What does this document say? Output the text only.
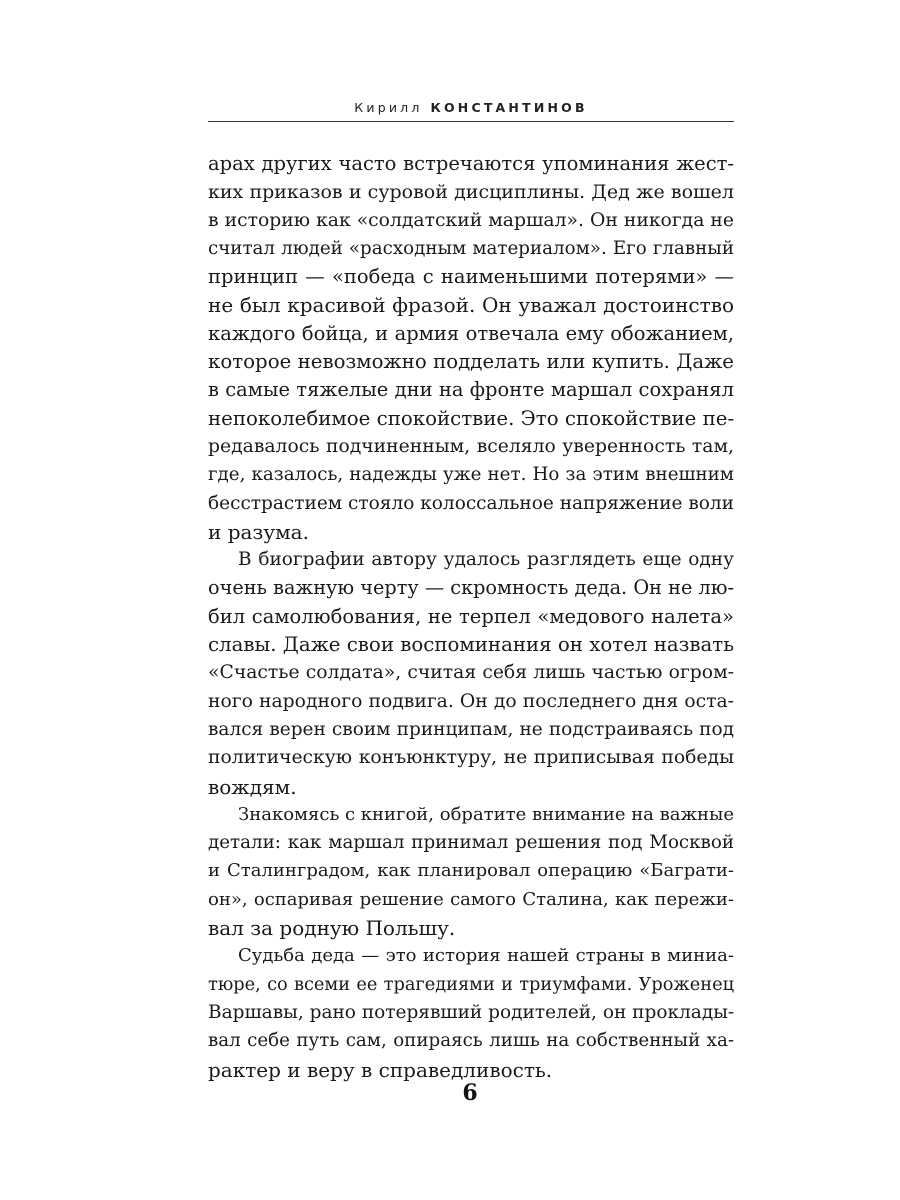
Кирилл КОНСТАНТИНОВ
арах других часто встречаются упоминания жест-
ких приказов и суровой дисциплины. Дед же вошел
в историю как «солдатский маршал». Он никогда не
считал людей «расходным материалом». Его главный
принцип — «победа с наименьшими потерями» —
не был красивой фразой. Он уважал достоинство
каждого бойца, и армия отвечала ему обожанием,
которое невозможно подделать или купить. Даже
в самые тяжелые дни на фронте маршал сохранял
непоколебимое спокойствие. Это спокойствие пе-
редавалось подчиненным, вселяло уверенность там,
где, казалось, надежды уже нет. Но за этим внешним
бесстрастием стояло колоссальное напряжение воли
и разума.
В биографии автору удалось разглядеть еще одну
очень важную черту — скромность деда. Он не лю-
бил самолюбования, не терпел «медового налета»
славы. Даже свои воспоминания он хотел назвать
«Счастье солдата», считая себя лишь частью огром-
ного народного подвига. Он до последнего дня оста-
вался верен своим принципам, не подстраиваясь под
политическую конъюнктуру, не приписывая победы
вождям.
Знакомясь с книгой, обратите внимание на важные
детали: как маршал принимал решения под Москвой
и Сталинградом, как планировал операцию «Баграти-
он», оспаривая решение самого Сталина, как пережи-
вал за родную Польшу.
Судьба деда — это история нашей страны в миниа-
тюре, со всеми ее трагедиями и триумфами. Уроженец
Варшавы, рано потерявший родителей, он проклады-
вал себе путь сам, опираясь лишь на собственный ха-
рактер и веру в справедливость.
6
